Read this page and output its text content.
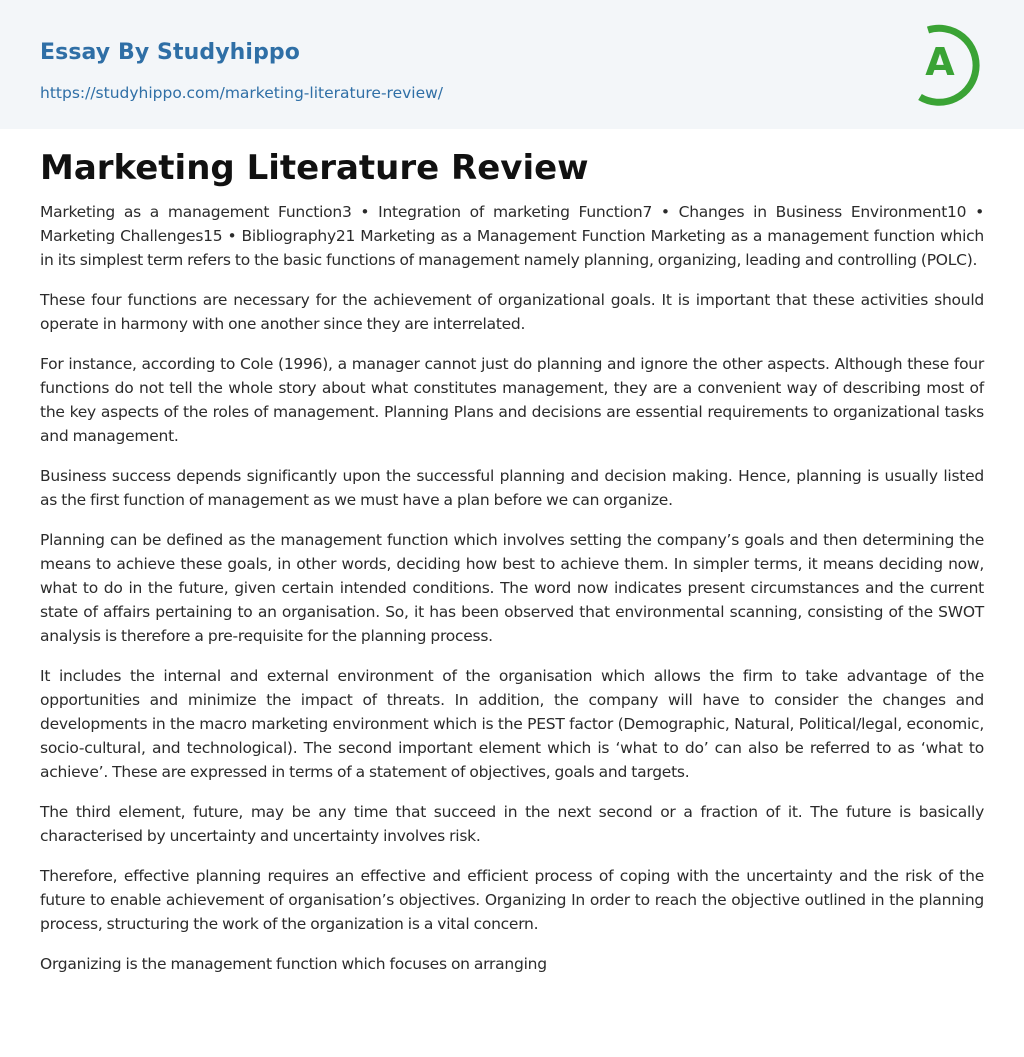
Essay By Studyhippo
https://studyhippo.com/marketing-literature-review/
A
Marketing Literature Review

Marketing as a management Function3 • Integration of marketing Function7 • Changes in Business Environment10 • Marketing Challenges15 • Bibliography21 Marketing as a Management Function Marketing as a management function which in its simplest term refers to the basic functions of management namely planning, organizing, leading and controlling (POLC).

These four functions are necessary for the achievement of organizational goals. It is important that these activities should operate in harmony with one another since they are interrelated.

For instance, according to Cole (1996), a manager cannot just do planning and ignore the other aspects. Although these four functions do not tell the whole story about what constitutes management, they are a convenient way of describing most of the key aspects of the roles of management. Planning Plans and decisions are essential requirements to organizational tasks and management.

Business success depends significantly upon the successful planning and decision making. Hence, planning is usually listed as the first function of management as we must have a plan before we can organize.

Planning can be defined as the management function which involves setting the company’s goals and then determining the means to achieve these goals, in other words, deciding how best to achieve them. In simpler terms, it means deciding now, what to do in the future, given certain intended conditions. The word now indicates present circumstances and the current state of affairs pertaining to an organisation. So, it has been observed that environmental scanning, consisting of the SWOT analysis is therefore a pre-requisite for the planning process.

It includes the internal and external environment of the organisation which allows the firm to take advantage of the opportunities and minimize the impact of threats. In addition, the company will have to consider the changes and developments in the macro marketing environment which is the PEST factor (Demographic, Natural, Political/legal, economic, socio-cultural, and technological). The second important element which is ‘what to do’ can also be referred to as ‘what to achieve’. These are expressed in terms of a statement of objectives, goals and targets.

The third element, future, may be any time that succeed in the next second or a fraction of it. The future is basically characterised by uncertainty and uncertainty involves risk.

Therefore, effective planning requires an effective and efficient process of coping with the uncertainty and the risk of the future to enable achievement of organisation’s objectives. Organizing In order to reach the objective outlined in the planning process, structuring the work of the organization is a vital concern.

Organizing is the management function which focuses on arranging
